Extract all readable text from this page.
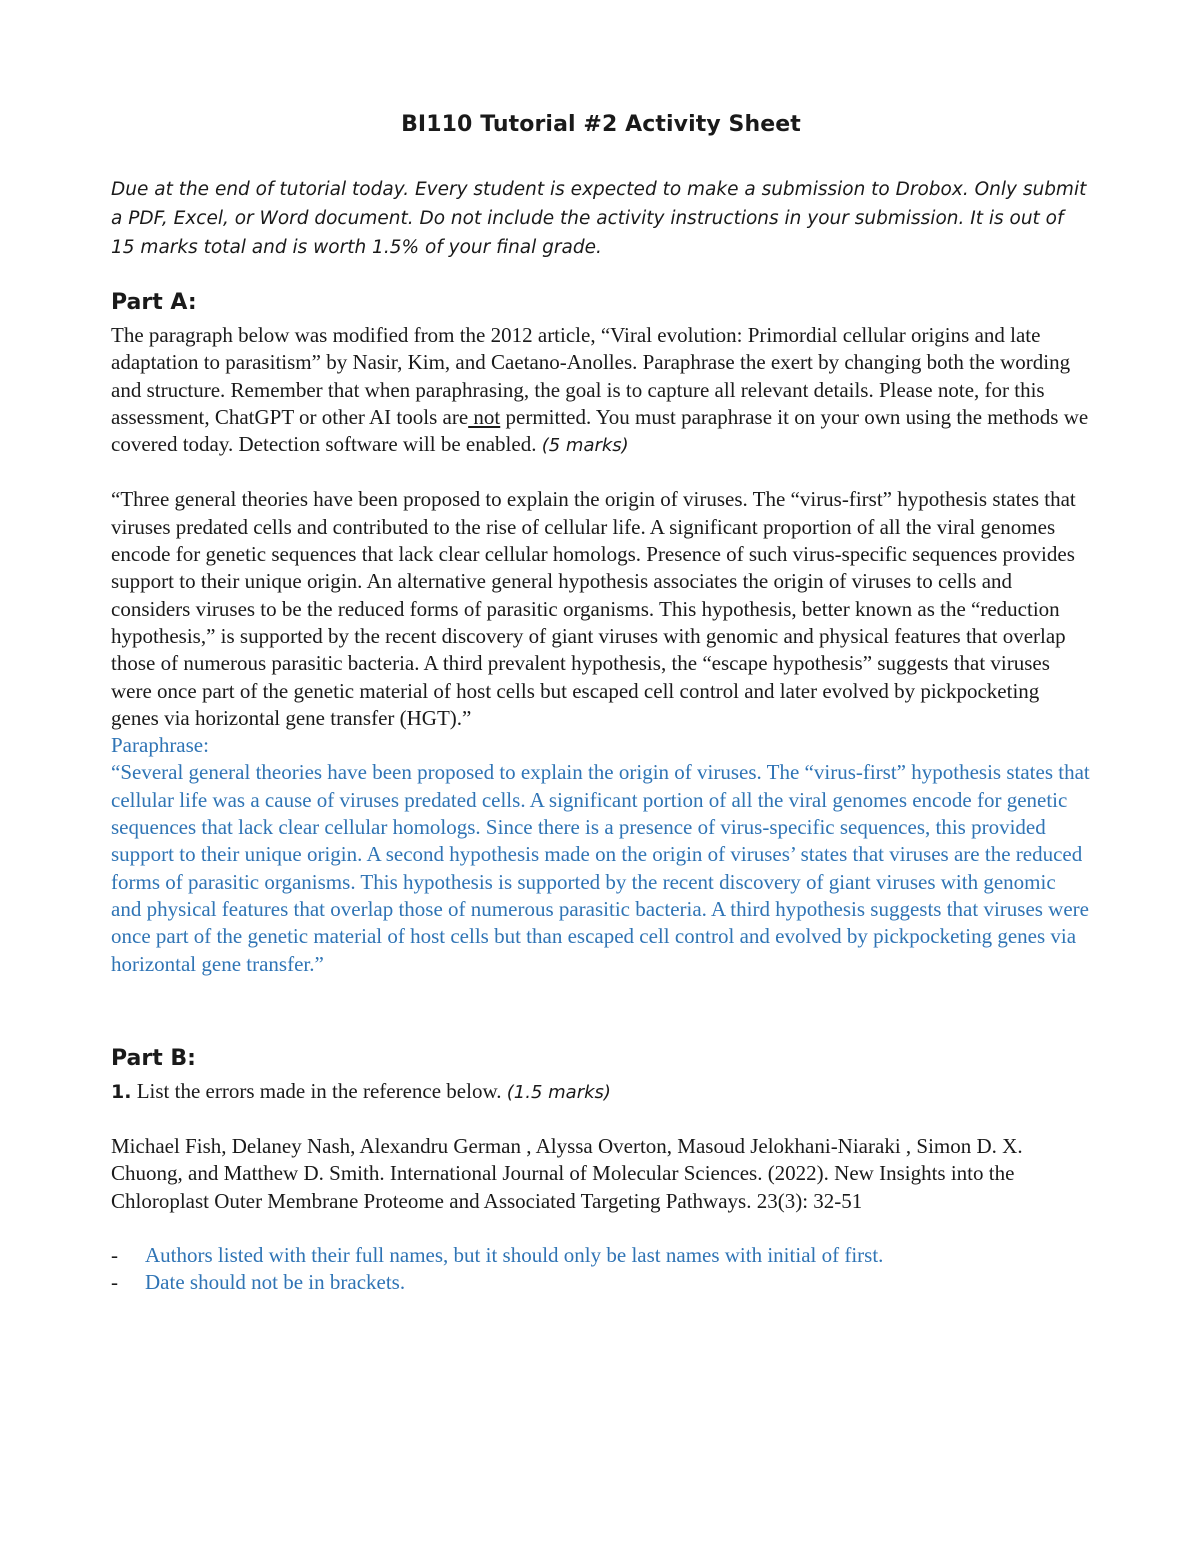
BI110 Tutorial #2 Activity Sheet

Due at the end of tutorial today. Every student is expected to make a submission to Drobox. Only submit a PDF, Excel, or Word document. Do not include the activity instructions in your submission. It is out of 15 marks total and is worth 1.5% of your final grade.

Part A:

The paragraph below was modified from the 2012 article, “Viral evolution: Primordial cellular origins and late adaptation to parasitism” by Nasir, Kim, and Caetano-Anolles. Paraphrase the exert by changing both the wording and structure. Remember that when paraphrasing, the goal is to capture all relevant details. Please note, for this assessment, ChatGPT or other AI tools are not permitted. You must paraphrase it on your own using the methods we covered today. Detection software will be enabled. (5 marks)

“Three general theories have been proposed to explain the origin of viruses. The “virus-first” hypothesis states that viruses predated cells and contributed to the rise of cellular life. A significant proportion of all the viral genomes encode for genetic sequences that lack clear cellular homologs. Presence of such virus-specific sequences provides support to their unique origin. An alternative general hypothesis associates the origin of viruses to cells and considers viruses to be the reduced forms of parasitic organisms. This hypothesis, better known as the “reduction hypothesis,” is supported by the recent discovery of giant viruses with genomic and physical features that overlap those of numerous parasitic bacteria. A third prevalent hypothesis, the “escape hypothesis” suggests that viruses were once part of the genetic material of host cells but escaped cell control and later evolved by pickpocketing genes via horizontal gene transfer (HGT).”

Paraphrase:

“Several general theories have been proposed to explain the origin of viruses. The “virus-first” hypothesis states that cellular life was a cause of viruses predated cells. A significant portion of all the viral genomes encode for genetic sequences that lack clear cellular homologs. Since there is a presence of virus-specific sequences, this provided support to their unique origin. A second hypothesis made on the origin of viruses’ states that viruses are the reduced forms of parasitic organisms. This hypothesis is supported by the recent discovery of giant viruses with genomic and physical features that overlap those of numerous parasitic bacteria. A third hypothesis suggests that viruses were once part of the genetic material of host cells but than escaped cell control and evolved by pickpocketing genes via horizontal gene transfer.”

Part B:

1. List the errors made in the reference below. (1.5 marks)

Michael Fish, Delaney Nash, Alexandru German , Alyssa Overton, Masoud Jelokhani-Niaraki , Simon D. X. Chuong, and Matthew D. Smith. International Journal of Molecular Sciences. (2022). New Insights into the Chloroplast Outer Membrane Proteome and Associated Targeting Pathways. 23(3): 32-51

-	Authors listed with their full names, but it should only be last names with initial of first.
-	Date should not be in brackets.
